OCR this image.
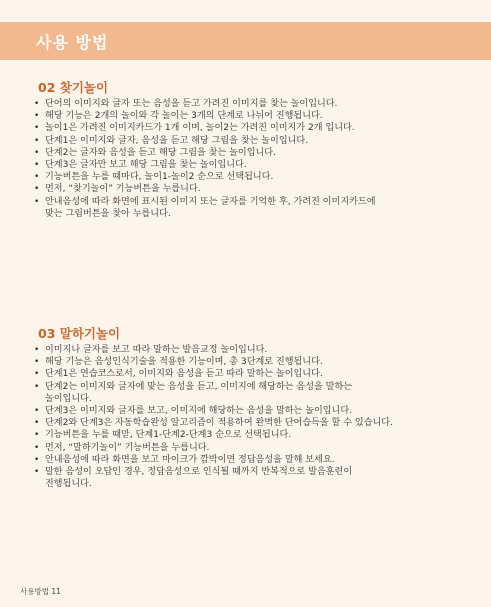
사용 방법
02 찾기놀이
• 단어의 이미지와 글자 또는 음성을 듣고 가려진 이미지를 찾는 놀이입니다.
• 해당 기능은 2개의 놀이와 각 놀이는 3개의 단계로 나뉘어 진행됩니다.
• 놀이1은 가려진 이미지카드가 1개 이며, 놀이2는 가려진 이미지가 2개 입니다.
• 단계1은 이미지와 글자, 음성을 듣고 해당 그림을 찾는 놀이입니다.
• 단계2는 글자와 음성을 듣고 해당 그림을 찾는 놀이입니다.
• 단계3은 글자만 보고 해당 그림을 찾는 놀이입니다.
• 기능버튼을 누를 때마다, 놀이1-놀이2 순으로 선택됩니다.
• 먼저, “찾기놀이” 기능버튼을 누릅니다.
• 안내음성에 따라 화면에 표시된 이미지 또는 글자를 기억한 후, 가려진 이미지카드에
맞는 그림버튼을 찾아 누릅니다.
03 말하기놀이
• 이미지나 글자를 보고 따라 말하는 발음교정 놀이입니다.
• 해당 기능은 음성인식기술을 적용한 기능이며, 총 3단계로 진행됩니다.
• 단계1은 연습코스로서, 이미지와 음성을 듣고 따라 말하는 놀이입니다.
• 단계2는 이미지와 글자에 맞는 음성을 듣고, 이미지에 해당하는 음성을 말하는
놀이입니다.
• 단계3은 이미지와 글자를 보고, 이미지에 해당하는 음성을 말하는 놀이입니다.
• 단계2와 단계3은 자동학습완성 알고리즘이 적용하여 완벽한 단어습득을 할 수 있습니다.
• 기능버튼을 누를 때맏, 단계1-단계2-단계3 순으로 선택됩니다.
• 먼저, “말하기놀이” 기능버튼을 누릅니다.
• 안내음성에 따라 화면을 보고 마이크가 깜박이면 정답음성을 말해 보세요.
• 말한 음성이 오답인 경우, 정답음성으로 인식될 때까지 반복적으로 발음훈련이
진행됩니다.
사용방법 11
